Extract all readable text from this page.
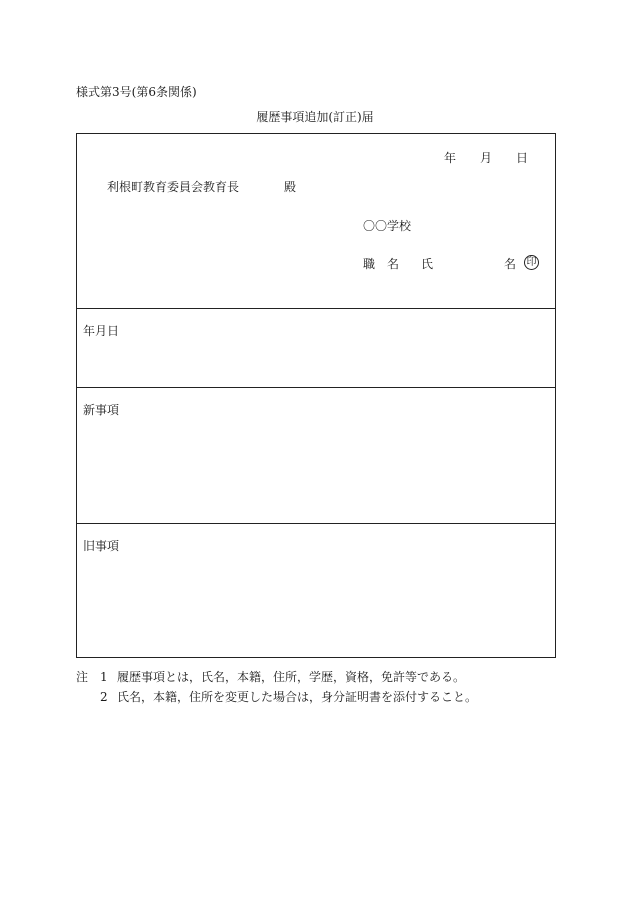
様式第3号(第6条関係)
履歴事項追加(訂正)届
年 月 日
利根町教育委員会教育長	殿
〇〇学校
職 名 氏	名 印
年月日
新事項
旧事項
注 1 履歴事項とは，氏名，本籍，住所，学歴，資格，免許等である。
2 氏名，本籍，住所を変更した場合は，身分証明書を添付すること。
